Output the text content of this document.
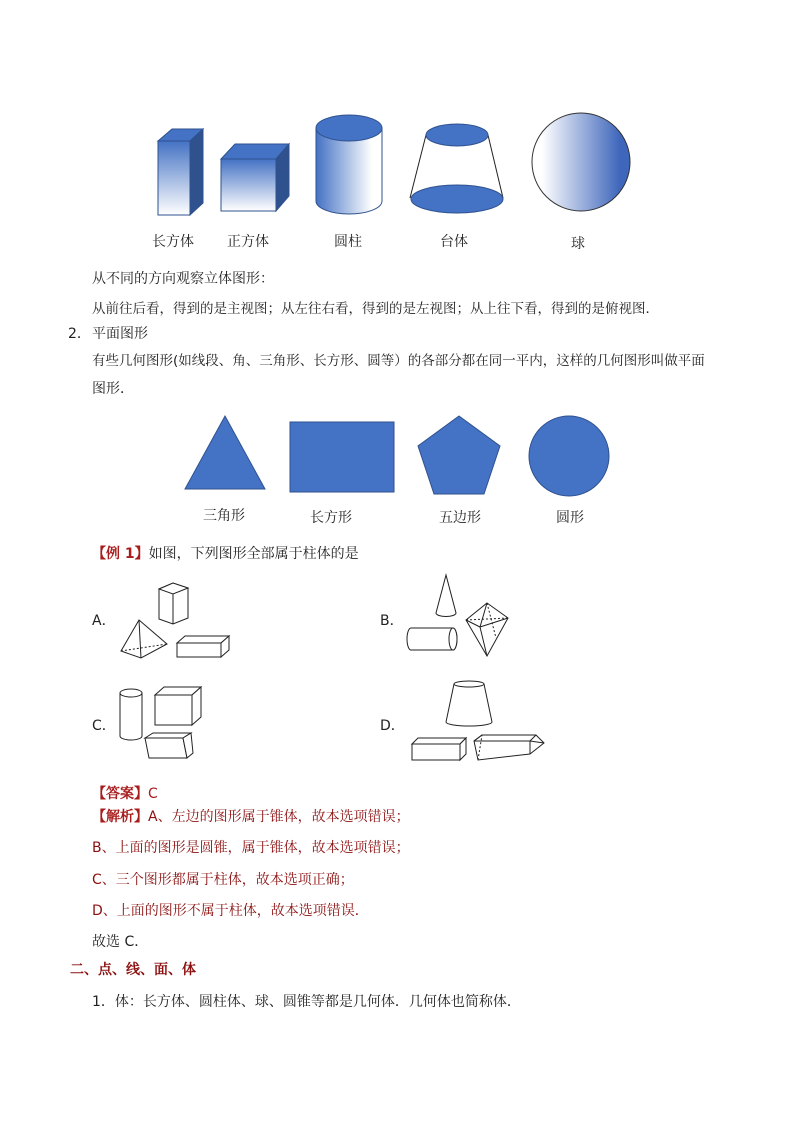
长方体	正方体	圆柱	台体	球
从不同的方向观察立体图形：
从前往后看，得到的是主视图；从左往右看，得到的是左视图；从上往下看，得到的是俯视图．
2． 平面图形
有些几何图形(如线段、角、三角形、长方形、圆等）的各部分都在同一平内，这样的几何图形叫做平面
图形．
三角形	长方形	五边形	圆形
【例 1】如图，下列图形全部属于柱体的是
A．	B．
C．	D．
【答案】C
【解析】A、左边的图形属于锥体，故本选项错误；
B、上面的图形是圆锥，属于锥体，故本选项错误；
C、三个图形都属于柱体，故本选项正确；
D、上面的图形不属于柱体，故本选项错误．
故选 C．
二、点、线、面、体
1．体：长方体、圆柱体、球、圆锥等都是几何体．几何体也简称体．
